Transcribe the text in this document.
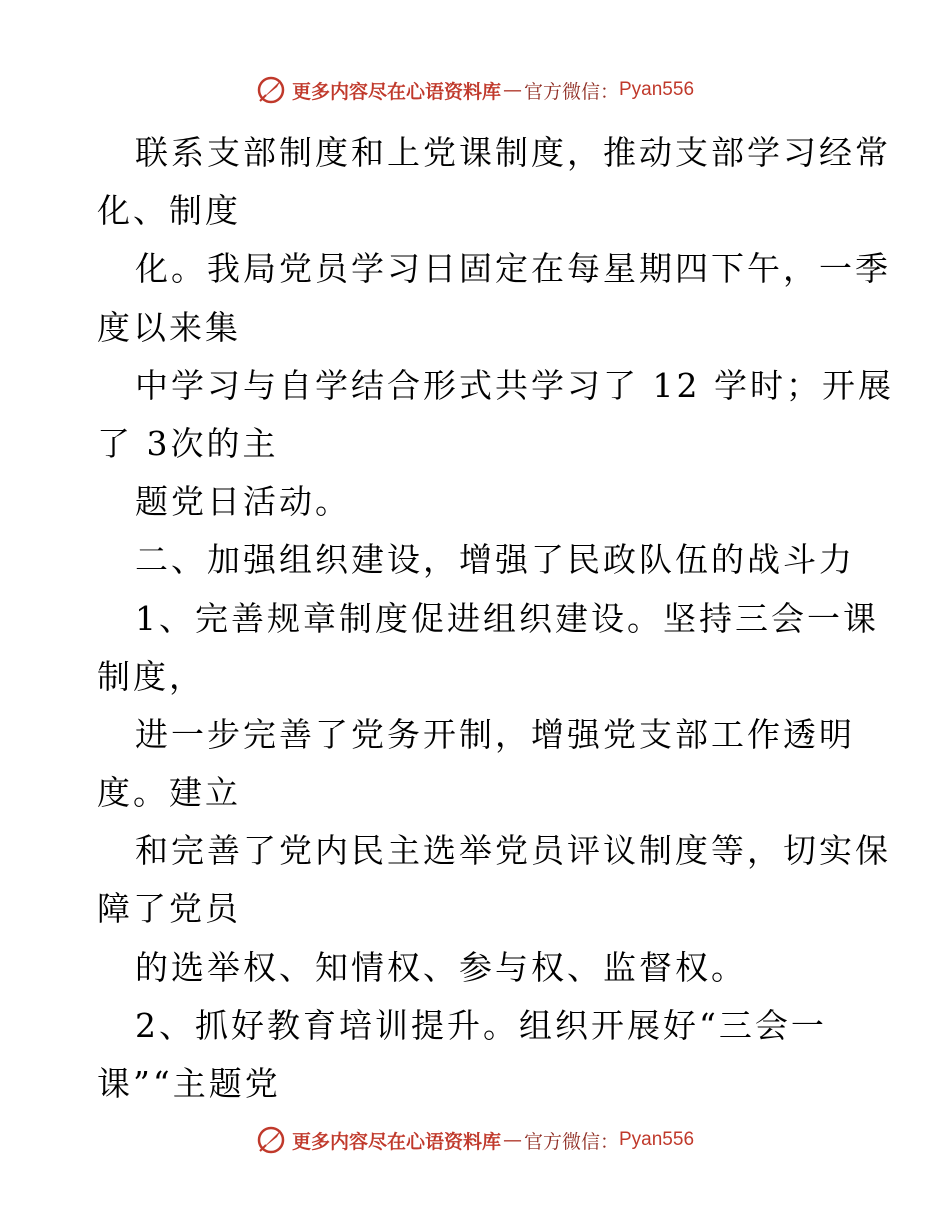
更多内容尽在心语资料库 — 官方微信： Pyan556
联系支部制度和上党课制度，推动支部学习经常
化、制度
化。我局党员学习日固定在每星期四下午，一季
度以来集
中学习与自学结合形式共学习了 12 学时；开展
了 3次的主
题党日活动。
二、加强组织建设，增强了民政队伍的战斗力
1、完善规章制度促进组织建设。坚持三会一课
制度，
进一步完善了党务开制，增强党支部工作透明
度。建立
和完善了党内民主选举党员评议制度等，切实保
障了党员
的选举权、知情权、参与权、监督权。
2、抓好教育培训提升。组织开展好“三会一
课”“主题党
更多内容尽在心语资料库 — 官方微信： Pyan556
